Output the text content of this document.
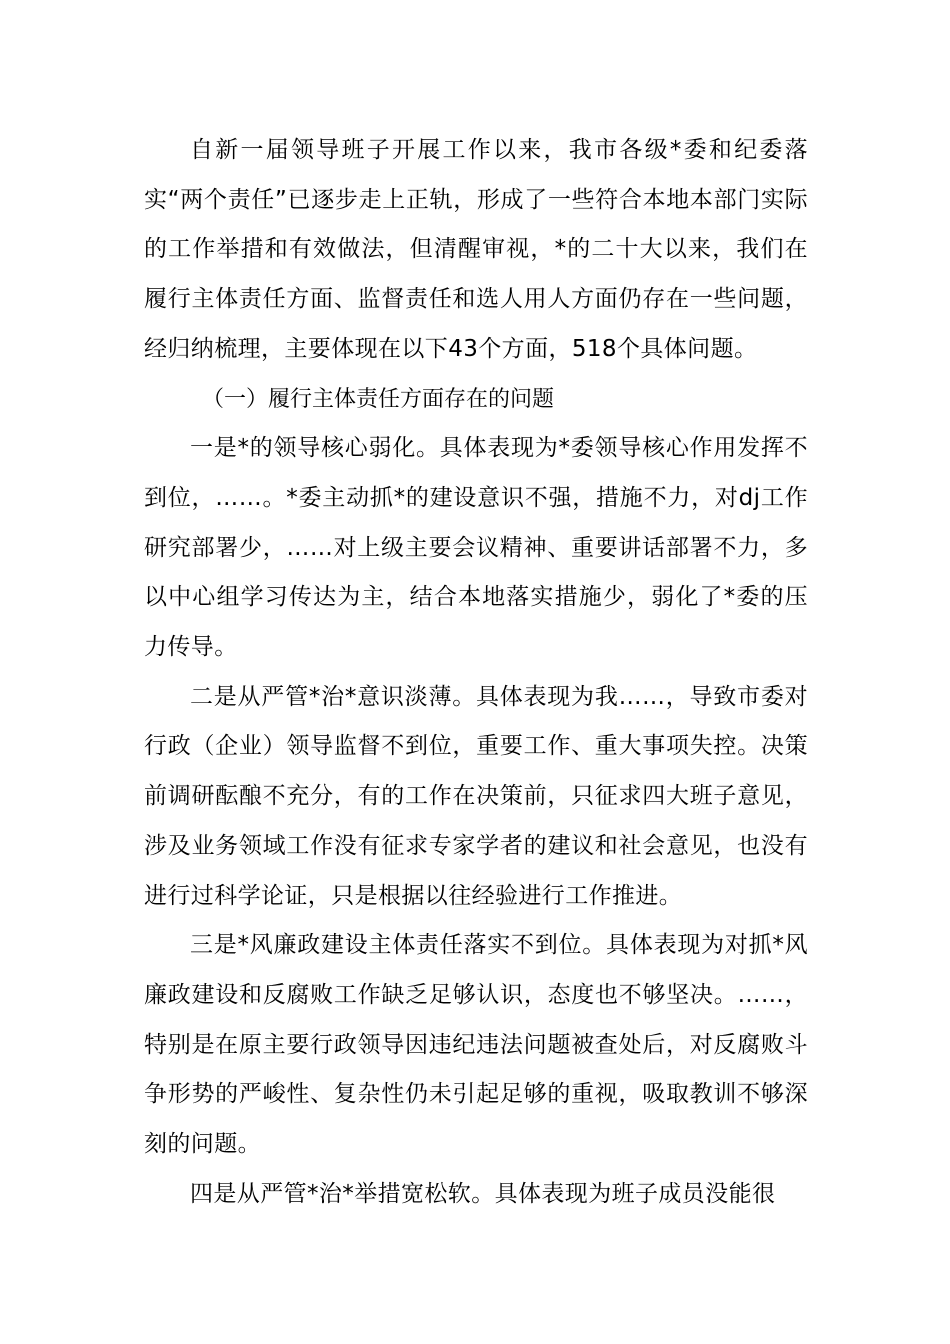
自新一届领导班子开展工作以来，我市各级*委和纪委落实“两个责任”已逐步走上正轨，形成了一些符合本地本部门实际的工作举措和有效做法，但清醒审视，*的二十大以来，我们在履行主体责任方面、监督责任和选人用人方面仍存在一些问题，经归纳梳理，主要体现在以下43个方面，518个具体问题。

（一）履行主体责任方面存在的问题

一是*的领导核心弱化。具体表现为*委领导核心作用发挥不到位，……。*委主动抓*的建设意识不强，措施不力，对dj工作研究部署少，……对上级主要会议精神、重要讲话部署不力，多以中心组学习传达为主，结合本地落实措施少，弱化了*委的压力传导。

二是从严管*治*意识淡薄。具体表现为我……，导致市委对行政（企业）领导监督不到位，重要工作、重大事项失控。决策前调研酝酿不充分，有的工作在决策前，只征求四大班子意见，涉及业务领域工作没有征求专家学者的建议和社会意见，也没有进行过科学论证，只是根据以往经验进行工作推进。

三是*风廉政建设主体责任落实不到位。具体表现为对抓*风廉政建设和反腐败工作缺乏足够认识，态度也不够坚决。……，特别是在原主要行政领导因违纪违法问题被查处后，对反腐败斗争形势的严峻性、复杂性仍未引起足够的重视，吸取教训不够深刻的问题。

四是从严管*治*举措宽松软。具体表现为班子成员没能很
